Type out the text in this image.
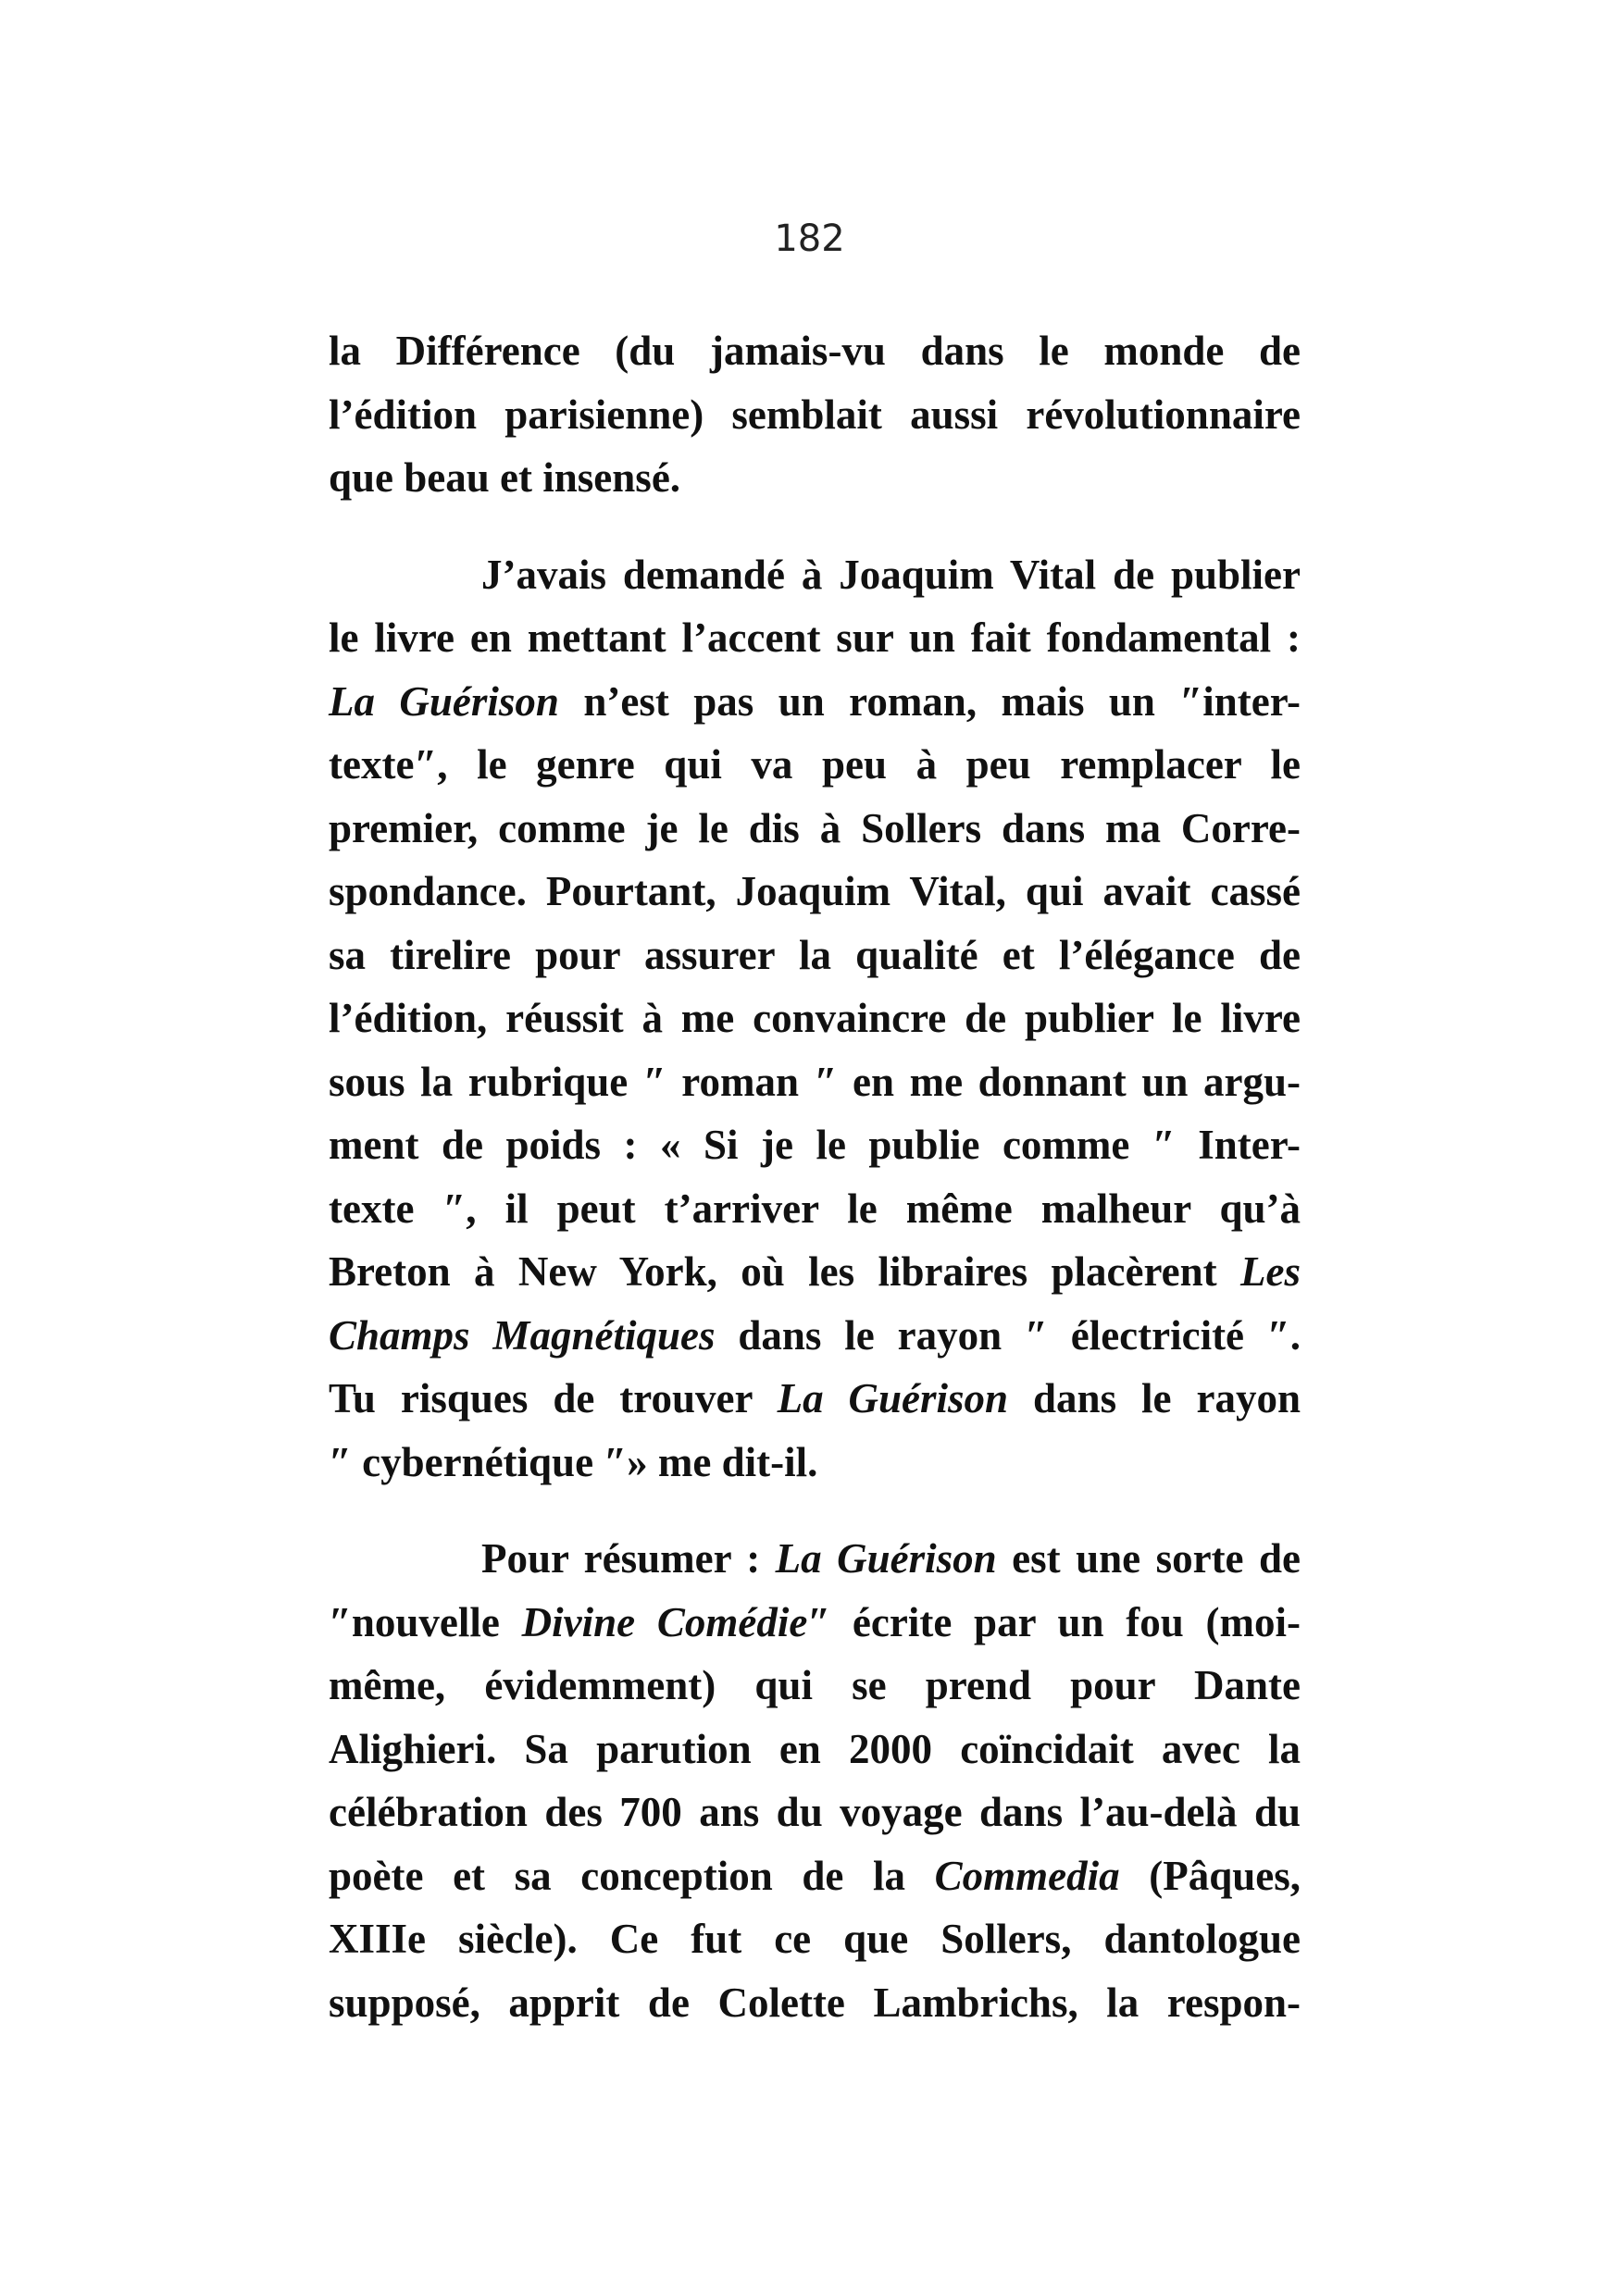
182
la Différence (du jamais-vu dans le monde de
l’édition parisienne) semblait aussi révolutionnaire
que beau et insensé.
J’avais demandé à Joaquim Vital de publier
le livre en mettant l’accent sur un fait fondamental :
La Guérison n’est pas un roman, mais un ″inter-
texte″, le genre qui va peu à peu remplacer le
premier, comme je le dis à Sollers dans ma Corre-
spondance. Pourtant, Joaquim Vital, qui avait cassé
sa tirelire pour assurer la qualité et l’élégance de
l’édition, réussit à me convaincre de publier le livre
sous la rubrique ″ roman ″ en me donnant un argu-
ment de poids : « Si je le publie comme ″ Inter-
texte ″, il peut t’arriver le même malheur qu’à
Breton à New York, où les libraires placèrent Les
Champs Magnétiques dans le rayon ″ électricité ″.
Tu risques de trouver La Guérison dans le rayon
″ cybernétique ″» me dit-il.
Pour résumer : La Guérison est une sorte de
″nouvelle Divine Comédie″ écrite par un fou (moi-
même, évidemment) qui se prend pour Dante
Alighieri. Sa parution en 2000 coïncidait avec la
célébration des 700 ans du voyage dans l’au-delà du
poète et sa conception de la Commedia (Pâques,
XIIIe siècle). Ce fut ce que Sollers, dantologue
supposé, apprit de Colette Lambrichs, la respon-
